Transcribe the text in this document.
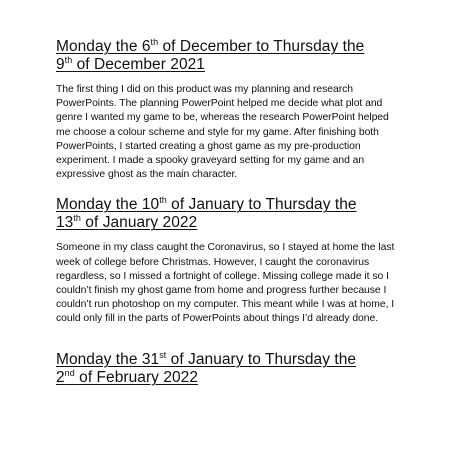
Monday the 6th of December to Thursday the
9th of December 2021

The first thing I did on this product was my planning and research PowerPoints. The planning PowerPoint helped me decide what plot and genre I wanted my game to be, whereas the research PowerPoint helped me choose a colour scheme and style for my game. After finishing both PowerPoints, I started creating a ghost game as my pre-production experiment. I made a spooky graveyard setting for my game and an expressive ghost as the main character.

Monday the 10th of January to Thursday the
13th of January 2022

Someone in my class caught the Coronavirus, so I stayed at home the last week of college before Christmas. However, I caught the coronavirus regardless, so I missed a fortnight of college. Missing college made it so I couldn’t finish my ghost game from home and progress further because I couldn’t run photoshop on my computer. This meant while I was at home, I could only fill in the parts of PowerPoints about things I’d already done.

Monday the 31st of January to Thursday the
2nd of February 2022
